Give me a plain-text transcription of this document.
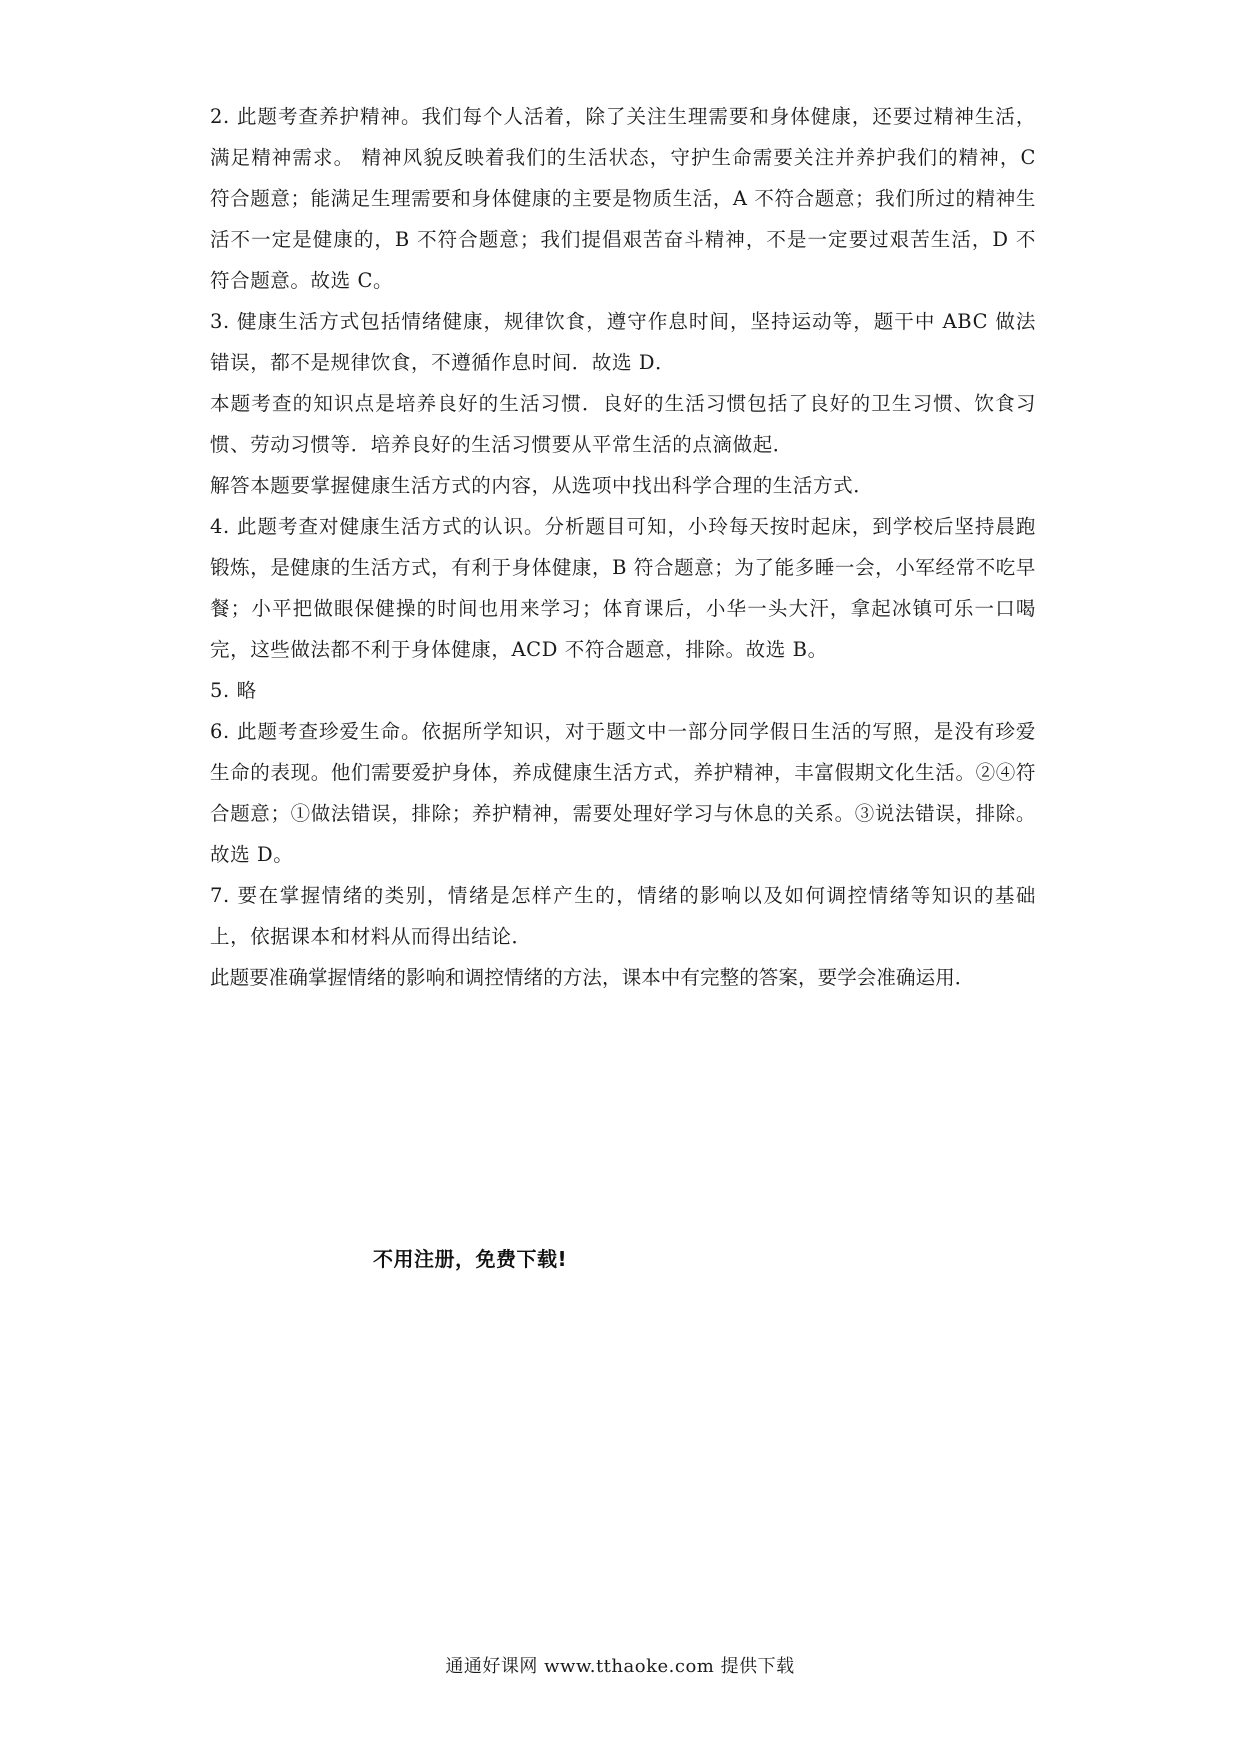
2. 此题考查养护精神。我们每个人活着，除了关注生理需要和身体健康，还要过精神生活，满足精神需求。 精神风貌反映着我们的生活状态，守护生命需要关注并养护我们的精神，C 符合题意；能满足生理需要和身体健康的主要是物质生活，A 不符合题意；我们所过的精神生活不一定是健康的，B 不符合题意；我们提倡艰苦奋斗精神，不是一定要过艰苦生活，D 不符合题意。故选 C。

3. 健康生活方式包括情绪健康，规律饮食，遵守作息时间，坚持运动等，题干中 ABC 做法错误，都不是规律饮食，不遵循作息时间．故选 D．

本题考查的知识点是培养良好的生活习惯．良好的生活习惯包括了良好的卫生习惯、饮食习惯、劳动习惯等．培养良好的生活习惯要从平常生活的点滴做起．

解答本题要掌握健康生活方式的内容，从选项中找出科学合理的生活方式．

4. 此题考查对健康生活方式的认识。分析题目可知，小玲每天按时起床，到学校后坚持晨跑锻炼，是健康的生活方式，有利于身体健康，B 符合题意；为了能多睡一会，小军经常不吃早餐；小平把做眼保健操的时间也用来学习；体育课后，小华一头大汗，拿起冰镇可乐一口喝完，这些做法都不利于身体健康，ACD 不符合题意，排除。故选 B。

5. 略

6. 此题考查珍爱生命。依据所学知识，对于题文中一部分同学假日生活的写照，是没有珍爱生命的表现。他们需要爱护身体，养成健康生活方式，养护精神，丰富假期文化生活。②④符合题意；①做法错误，排除；养护精神，需要处理好学习与休息的关系。③说法错误，排除。故选 D。

7. 要在掌握情绪的类别，情绪是怎样产生的，情绪的影响以及如何调控情绪等知识的基础上，依据课本和材料从而得出结论．

此题要准确掌握情绪的影响和调控情绪的方法，课本中有完整的答案，要学会准确运用．

不用注册，免费下载!
通通好课网 www.tthaoke.com 提供下载
